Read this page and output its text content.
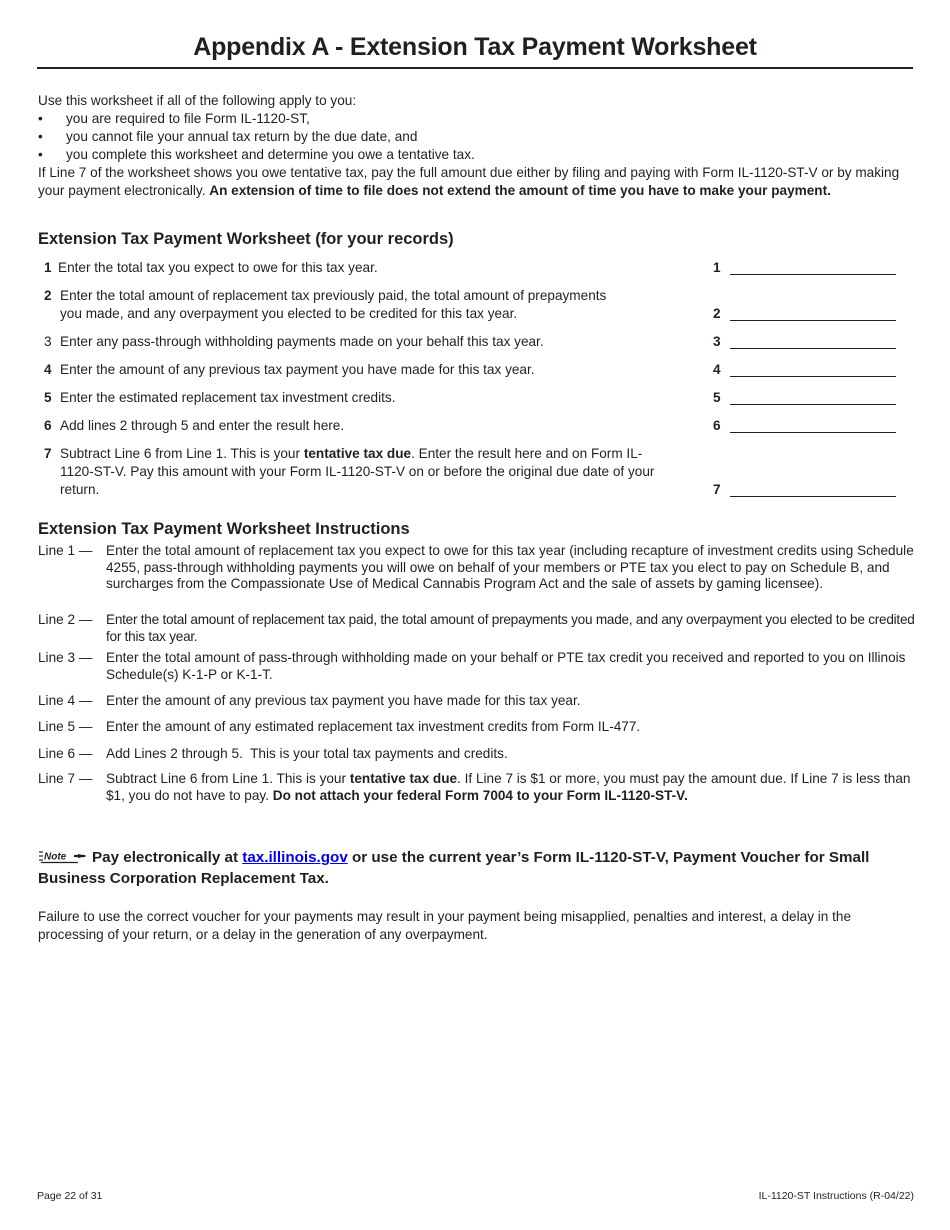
Appendix A - Extension Tax Payment Worksheet
Use this worksheet if all of the following apply to you:
• you are required to file Form IL-1120-ST,
• you cannot file your annual tax return by the due date, and
• you complete this worksheet and determine you owe a tentative tax.
If Line 7 of the worksheet shows you owe tentative tax, pay the full amount due either by filing and paying with Form IL-1120-ST-V or by making your payment electronically. An extension of time to file does not extend the amount of time you have to make your payment.
Extension Tax Payment Worksheet (for your records)
1 Enter the total tax you expect to owe for this tax year.	1
2 Enter the total amount of replacement tax previously paid, the total amount of prepayments you made, and any overpayment you elected to be credited for this tax year.	2
3 Enter any pass-through withholding payments made on your behalf this tax year.	3
4 Enter the amount of any previous tax payment you have made for this tax year.	4
5 Enter the estimated replacement tax investment credits.	5
6 Add lines 2 through 5 and enter the result here.	6
7 Subtract Line 6 from Line 1. This is your tentative tax due. Enter the result here and on Form IL-1120-ST-V. Pay this amount with your Form IL-1120-ST-V on or before the original due date of your return.	7
Extension Tax Payment Worksheet Instructions
Line 1 — Enter the total amount of replacement tax you expect to owe for this tax year (including recapture of investment credits using Schedule 4255, pass-through withholding payments you will owe on behalf of your members or PTE tax you elect to pay on Schedule B, and surcharges from the Compassionate Use of Medical Cannabis Program Act and the sale of assets by gaming licensee).
Line 2 — Enter the total amount of replacement tax paid, the total amount of prepayments you made, and any overpayment you elected to be credited for this tax year.
Line 3 — Enter the total amount of pass-through withholding made on your behalf or PTE tax credit you received and reported to you on Illinois Schedule(s) K-1-P or K-1-T.
Line 4 — Enter the amount of any previous tax payment you have made for this tax year.
Line 5 — Enter the amount of any estimated replacement tax investment credits from Form IL-477.
Line 6 — Add Lines 2 through 5.  This is your total tax payments and credits.
Line 7 — Subtract Line 6 from Line 1. This is your tentative tax due. If Line 7 is $1 or more, you must pay the amount due. If Line 7 is less than $1, you do not have to pay. Do not attach your federal Form 7004 to your Form IL-1120-ST-V.
Note Pay electronically at tax.illinois.gov or use the current year’s Form IL-1120-ST-V, Payment Voucher for Small Business Corporation Replacement Tax.
Failure to use the correct voucher for your payments may result in your payment being misapplied, penalties and interest, a delay in the processing of your return, or a delay in the generation of any overpayment.
Page 22 of 31	IL-1120-ST Instructions (R-04/22)
